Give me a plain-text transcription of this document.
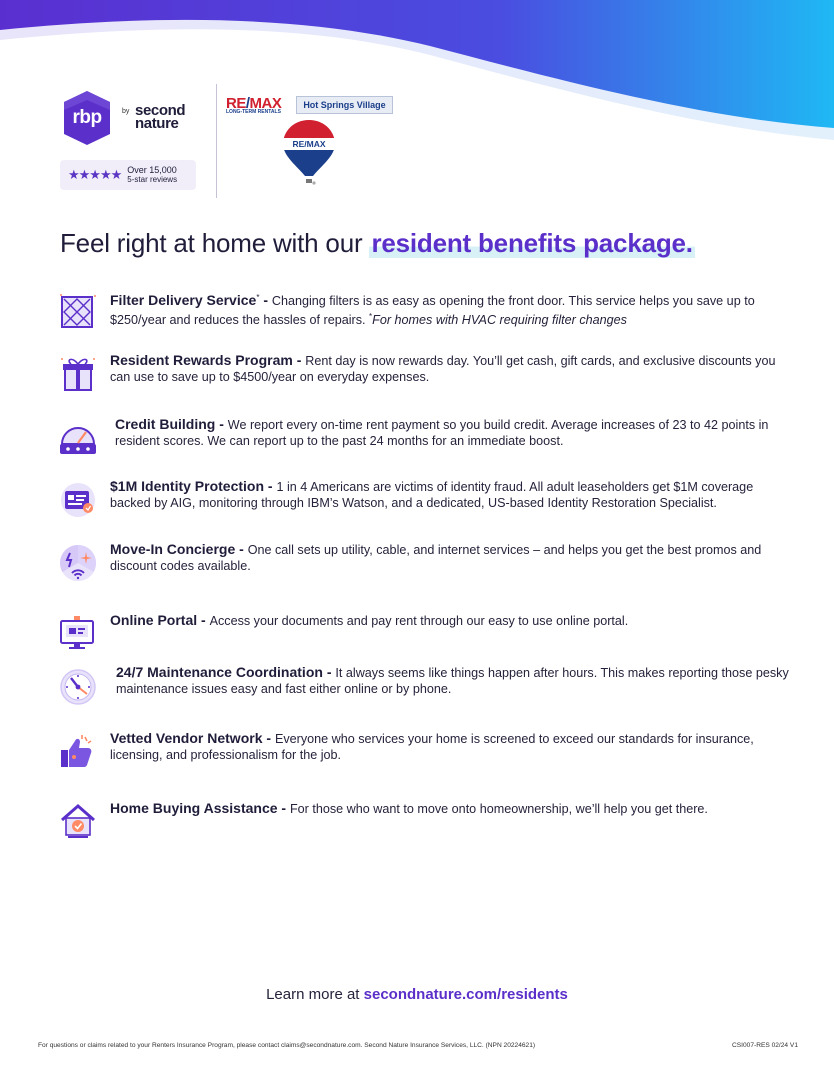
rbp	by second nature
★★★★★ Over 15,000
5-star reviews
RE/MAX
LONG-TERM RENTALS
Hot Springs Village
RE/MAX
Feel right at home with our resident benefits package.
Filter Delivery Service* - Changing filters is as easy as opening the front door. This service helps you save up to $250/year and reduces the hassles of repairs. *For homes with HVAC requiring filter changes
Resident Rewards Program - Rent day is now rewards day. You’ll get cash, gift cards, and exclusive discounts you can use to save up to $4500/year on everyday expenses.
Credit Building - We report every on-time rent payment so you build credit. Average increases of 23 to 42 points in resident scores. We can report up to the past 24 months for an immediate boost.
$1M Identity Protection - 1 in 4 Americans are victims of identity fraud. All adult leaseholders get $1M coverage backed by AIG, monitoring through IBM’s Watson, and a dedicated, US-based Identity Restoration Specialist.
Move-In Concierge - One call sets up utility, cable, and internet services – and helps you get the best promos and discount codes available.
Online Portal - Access your documents and pay rent through our easy to use online portal.
24/7 Maintenance Coordination - It always seems like things happen after hours. This makes reporting those pesky maintenance issues easy and fast either online or by phone.
Vetted Vendor Network - Everyone who services your home is screened to exceed our standards for insurance, licensing, and professionalism for the job.
Home Buying Assistance - For those who want to move onto homeownership, we’ll help you get there.
Learn more at secondnature.com/residents
For questions or claims related to your Renters Insurance Program, please contact claims@secondnature.com. Second Nature Insurance Services, LLC. (NPN 20224621)	CSI007-RES 02/24 V1
